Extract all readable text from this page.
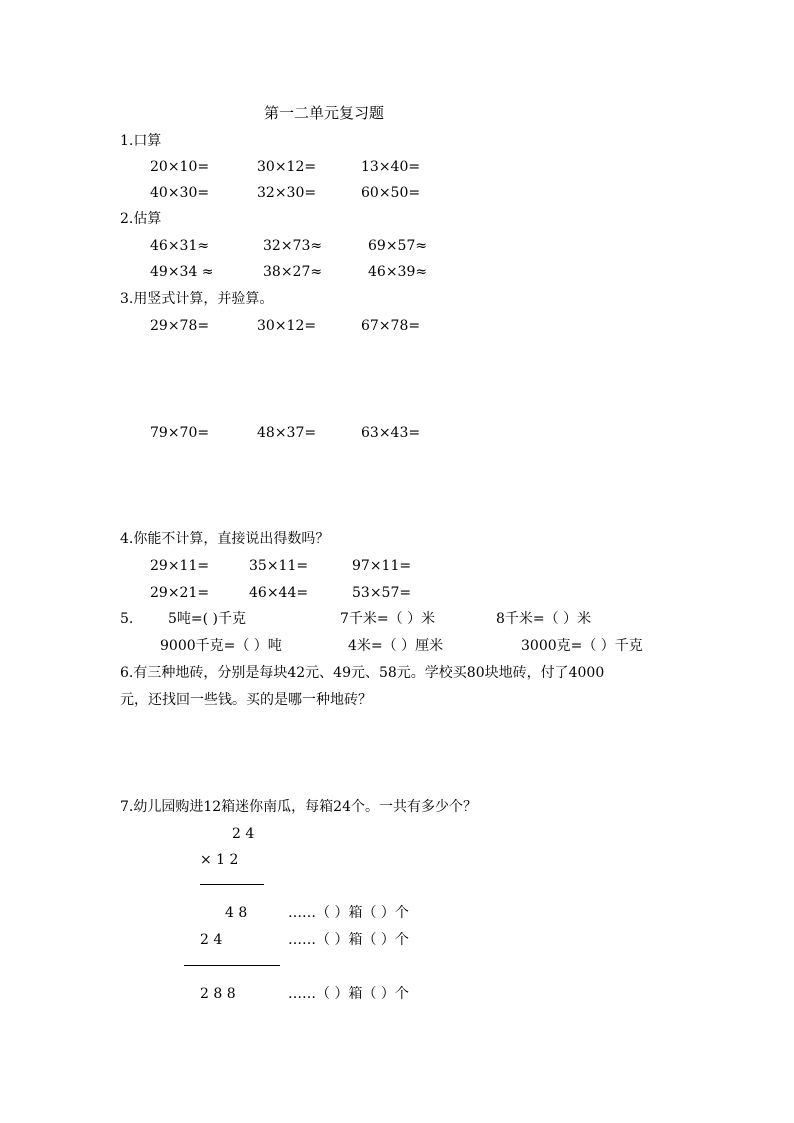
第一二单元复习题
1.口算
20×10=	30×12=	13×40=
40×30=	32×30=	60×50=
2.估算
46×31≈	32×73≈	69×57≈
49×34 ≈	38×27≈	46×39≈
3.用竖式计算，并验算。
29×78=	30×12=	67×78=
79×70=	48×37=	63×43=
4.你能不计算，直接说出得数吗？
29×11=	35×11=	97×11=
29×21=	46×44=	53×57=
5. 5吨=( )千克	7千米=（ ）米	8千米=（ ）米
9000千克=（ ）吨	4米=（ ）厘米	3000克=（ ）千克
6.有三种地砖，分别是每块42元、49元、58元。学校买80块地砖，付了4000
元，还找回一些钱。买的是哪一种地砖？
7.幼儿园购进12箱迷你南瓜，每箱24个。一共有多少个？
2 4
× 1 2
4 8	……（ ）箱（ ）个
2 4	……（ ）箱（ ）个
2 8 8	……（ ）箱（ ）个
